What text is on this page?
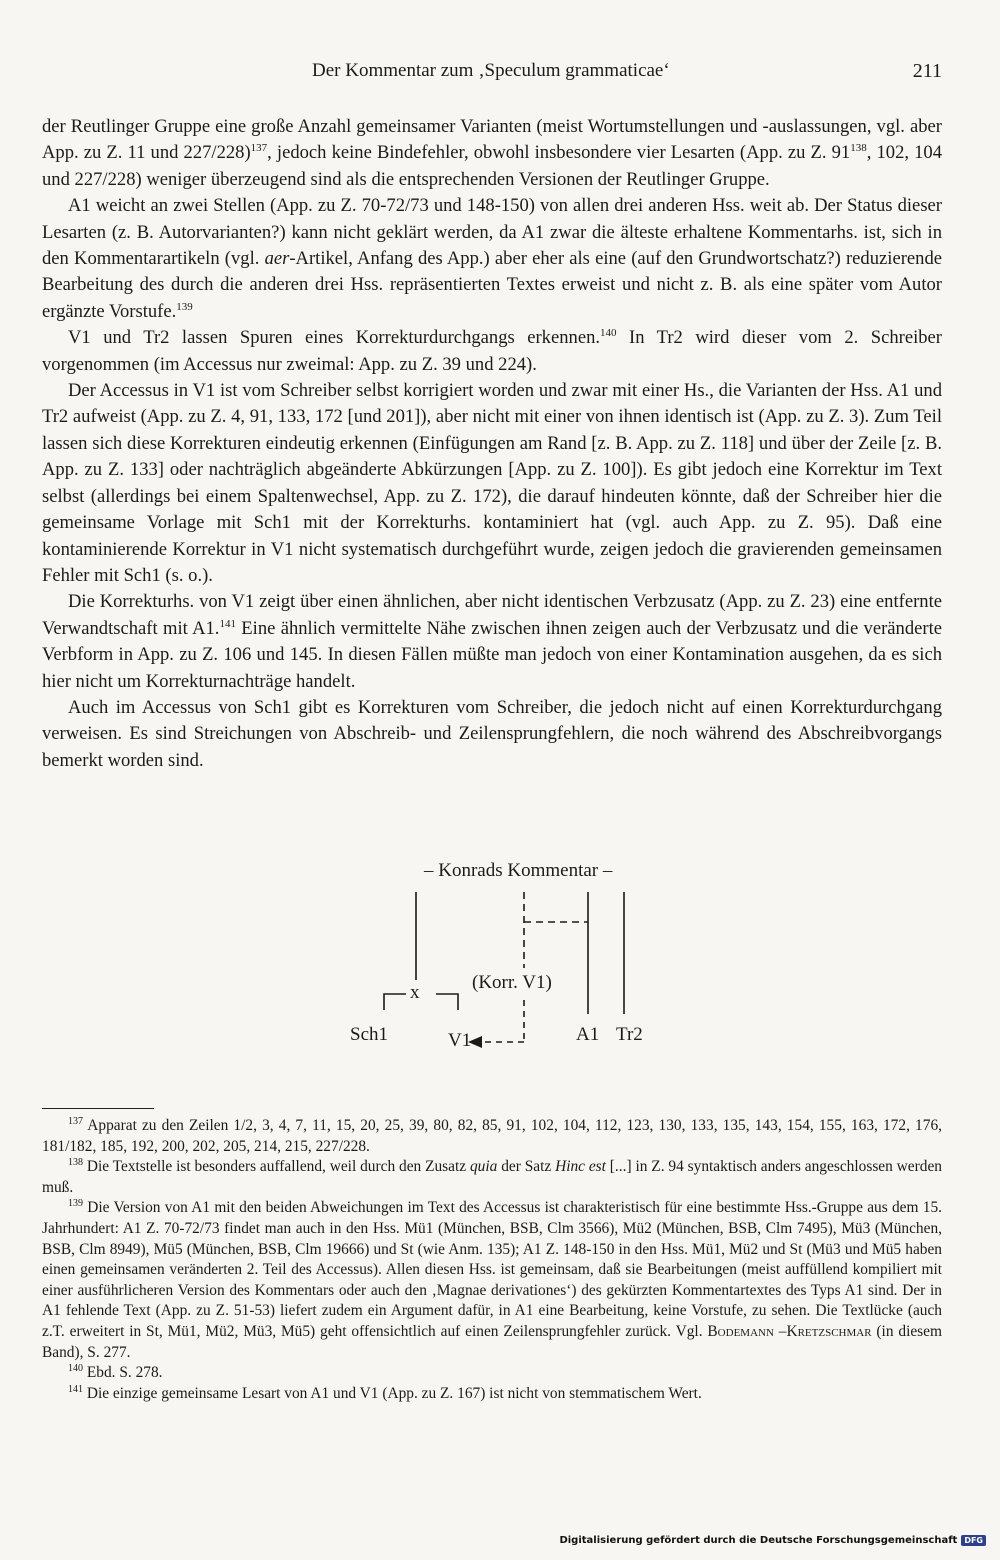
Der Kommentar zum ‚Speculum grammaticae‘	211

der Reutlinger Gruppe eine große Anzahl gemeinsamer Varianten (meist Wortumstellungen und -auslassungen, vgl. aber App. zu Z. 11 und 227/228)$^{137}$, jedoch keine Bindefehler, obwohl insbesondere vier Lesarten (App. zu Z. $91^{138}$, 102, 104 und 227/228) weniger überzeugend sind als die entsprechenden Versionen der Reutlinger Gruppe.

A1 weicht an zwei Stellen (App. zu Z. 70-72/73 und 148-150) von allen drei anderen Hss. weit ab. Der Status dieser Lesarten (z. B. Autorvarianten?) kann nicht geklärt werden, da A1 zwar die älteste erhaltene Kommentarhs. ist, sich in den Kommentarartikeln (vgl. aer-Artikel, Anfang des App.) aber eher als eine (auf den Grundwortschatz?) reduzierende Bearbeitung des durch die anderen drei Hss. repräsentierten Textes erweist und nicht z. B. als eine später vom Autor ergänzte Vorstufe.$^{139}$

V1 und Tr2 lassen Spuren eines Korrekturdurchgangs erkennen.$^{140}$ In Tr2 wird dieser vom 2. Schreiber vorgenommen (im Accessus nur zweimal: App. zu Z. 39 und 224).

Der Accessus in V1 ist vom Schreiber selbst korrigiert worden und zwar mit einer Hs., die Varianten der Hss. A1 und Tr2 aufweist (App. zu Z. 4, 91, 133, 172 [und 201]), aber nicht mit einer von ihnen identisch ist (App. zu Z. 3). Zum Teil lassen sich diese Korrekturen eindeutig erkennen (Einfügungen am Rand [z. B. App. zu Z. 118] und über der Zeile [z. B. App. zu Z. 133] oder nachträglich abgeänderte Abkürzungen [App. zu Z. 100]). Es gibt jedoch eine Korrektur im Text selbst (allerdings bei einem Spaltenwechsel, App. zu Z. 172), die darauf hindeuten könnte, daß der Schreiber hier die gemeinsame Vorlage mit Sch1 mit der Korrekturhs. kontaminiert hat (vgl. auch App. zu Z. 95). Daß eine kontaminierende Korrektur in V1 nicht systematisch durchgeführt wurde, zeigen jedoch die gravierenden gemeinsamen Fehler mit Sch1 (s. o.).

Die Korrekturhs. von V1 zeigt über einen ähnlichen, aber nicht identischen Verbzusatz (App. zu Z. 23) eine entfernte Verwandtschaft mit A1.$^{141}$ Eine ähnlich vermittelte Nähe zwischen ihnen zeigen auch der Verbzusatz und die veränderte Verbform in App. zu Z. 106 und 145. In diesen Fällen müßte man jedoch von einer Kontamination ausgehen, da es sich hier nicht um Korrekturnachträge handelt.

Auch im Accessus von Sch1 gibt es Korrekturen vom Schreiber, die jedoch nicht auf einen Korrekturdurchgang verweisen. Es sind Streichungen von Abschreib- und Zeilensprungfehlern, die noch während des Abschreibvorgangs bemerkt worden sind.

– Konrads Kommentar –
x	(Korr. V1)
Sch1	V1	A1 Tr2

$^{137}$ Apparat zu den Zeilen 1/2, 3, 4, 7, 11, 15, 20, 25, 39, 80, 82, 85, 91, 102, 104, 112, 123, 130, 133, 135, 143, 154, 155, 163, 172, 176, 181/182, 185, 192, 200, 202, 205, 214, 215, 227/228.

$^{138}$ Die Textstelle ist besonders auffallend, weil durch den Zusatz quia der Satz Hinc est [...] in Z. 94 syntaktisch anders angeschlossen werden muß.

$^{139}$ Die Version von A1 mit den beiden Abweichungen im Text des Accessus ist charakteristisch für eine bestimmte Hss.-Gruppe aus dem 15. Jahrhundert: A1 Z. 70-72/73 findet man auch in den Hss. Mü1 (München, BSB, Clm 3566), Mü2 (München, BSB, Clm 7495), Mü3 (München, BSB, Clm 8949), Mü5 (München, BSB, Clm 19666) und St (wie Anm. 135); A1 Z. 148-150 in den Hss. Mü1, Mü2 und St (Mü3 und Mü5 haben einen gemeinsamen veränderten 2. Teil des Accessus). Allen diesen Hss. ist gemeinsam, daß sie Bearbeitungen (meist auffüllend kompiliert mit einer ausführlicheren Version des Kommentars oder auch den ‚Magnae derivationes‘) des gekürzten Kommentartextes des Typs A1 sind. Der in A1 fehlende Text (App. zu Z. 51-53) liefert zudem ein Argument dafür, in A1 eine Bearbeitung, keine Vorstufe, zu sehen. Die Textlücke (auch z.T. erweitert in St, Mü1, Mü2, Mü3, Mü5) geht offensichtlich auf einen Zeilensprungfehler zurück. Vgl. Bodemann –Kretzschmar (in diesem Band), S. 277.

$^{140}$ Ebd. S. 278.

$^{141}$ Die einzige gemeinsame Lesart von A1 und V1 (App. zu Z. 167) ist nicht von stemmatischem Wert.

Digitalisierung gefördert durch die Deutsche Forschungsgemeinschaft DFG
